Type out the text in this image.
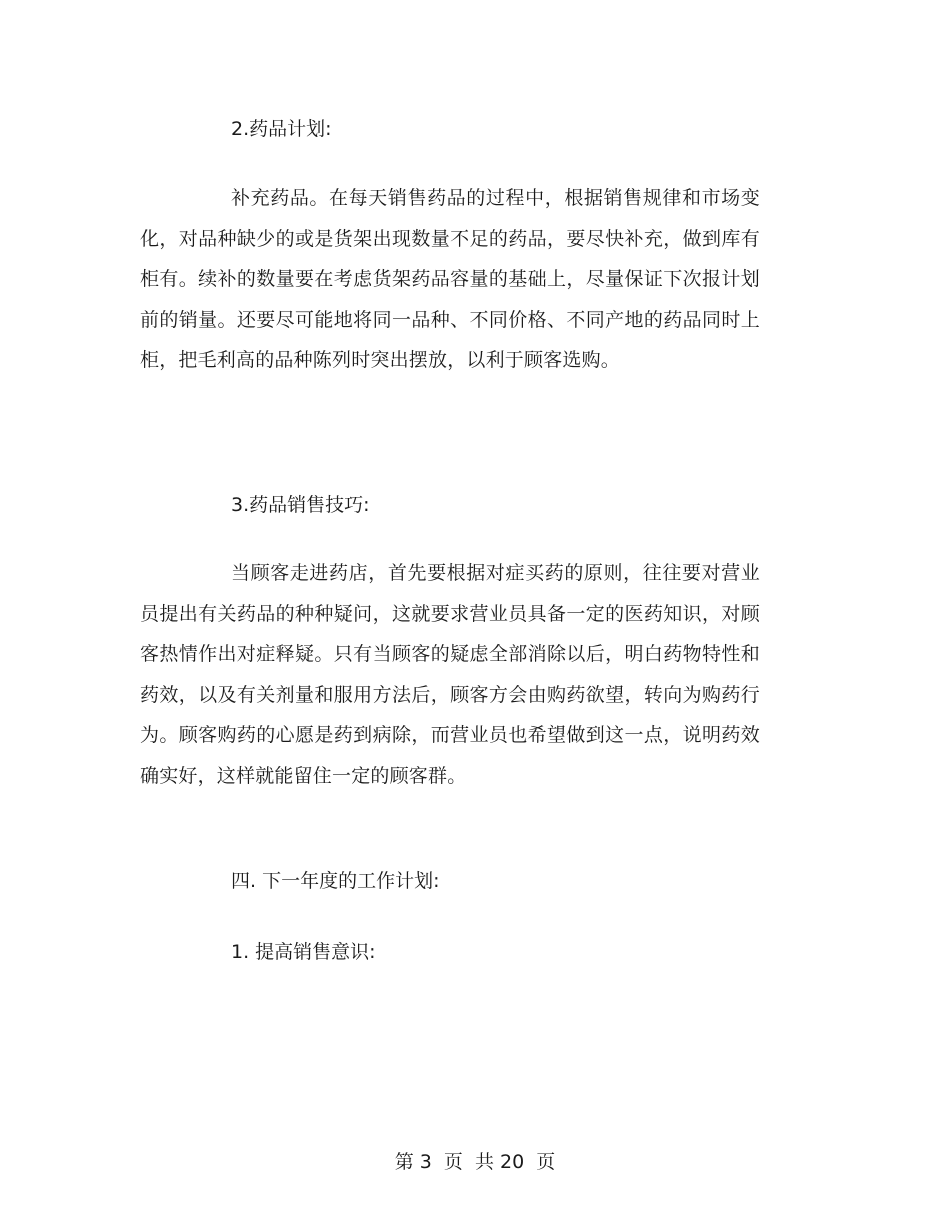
2.药品计划:

补充药品。在每天销售药品的过程中，根据销售规律和市场变化，对品种缺少的或是货架出现数量不足的药品，要尽快补充，做到库有柜有。续补的数量要在考虑货架药品容量的基础上，尽量保证下次报计划前的销量。还要尽可能地将同一品种、不同价格、不同产地的药品同时上柜，把毛利高的品种陈列时突出摆放，以利于顾客选购。

3.药品销售技巧:

当顾客走进药店，首先要根据对症买药的原则，往往要对营业员提出有关药品的种种疑问，这就要求营业员具备一定的医药知识，对顾客热情作出对症释疑。只有当顾客的疑虑全部消除以后，明白药物特性和药效，以及有关剂量和服用方法后，顾客方会由购药欲望，转向为购药行为。顾客购药的心愿是药到病除，而营业员也希望做到这一点，说明药效确实好，这样就能留住一定的顾客群。

四. 下一年度的工作计划:
1. 提高销售意识:
第 3  页  共 20  页
